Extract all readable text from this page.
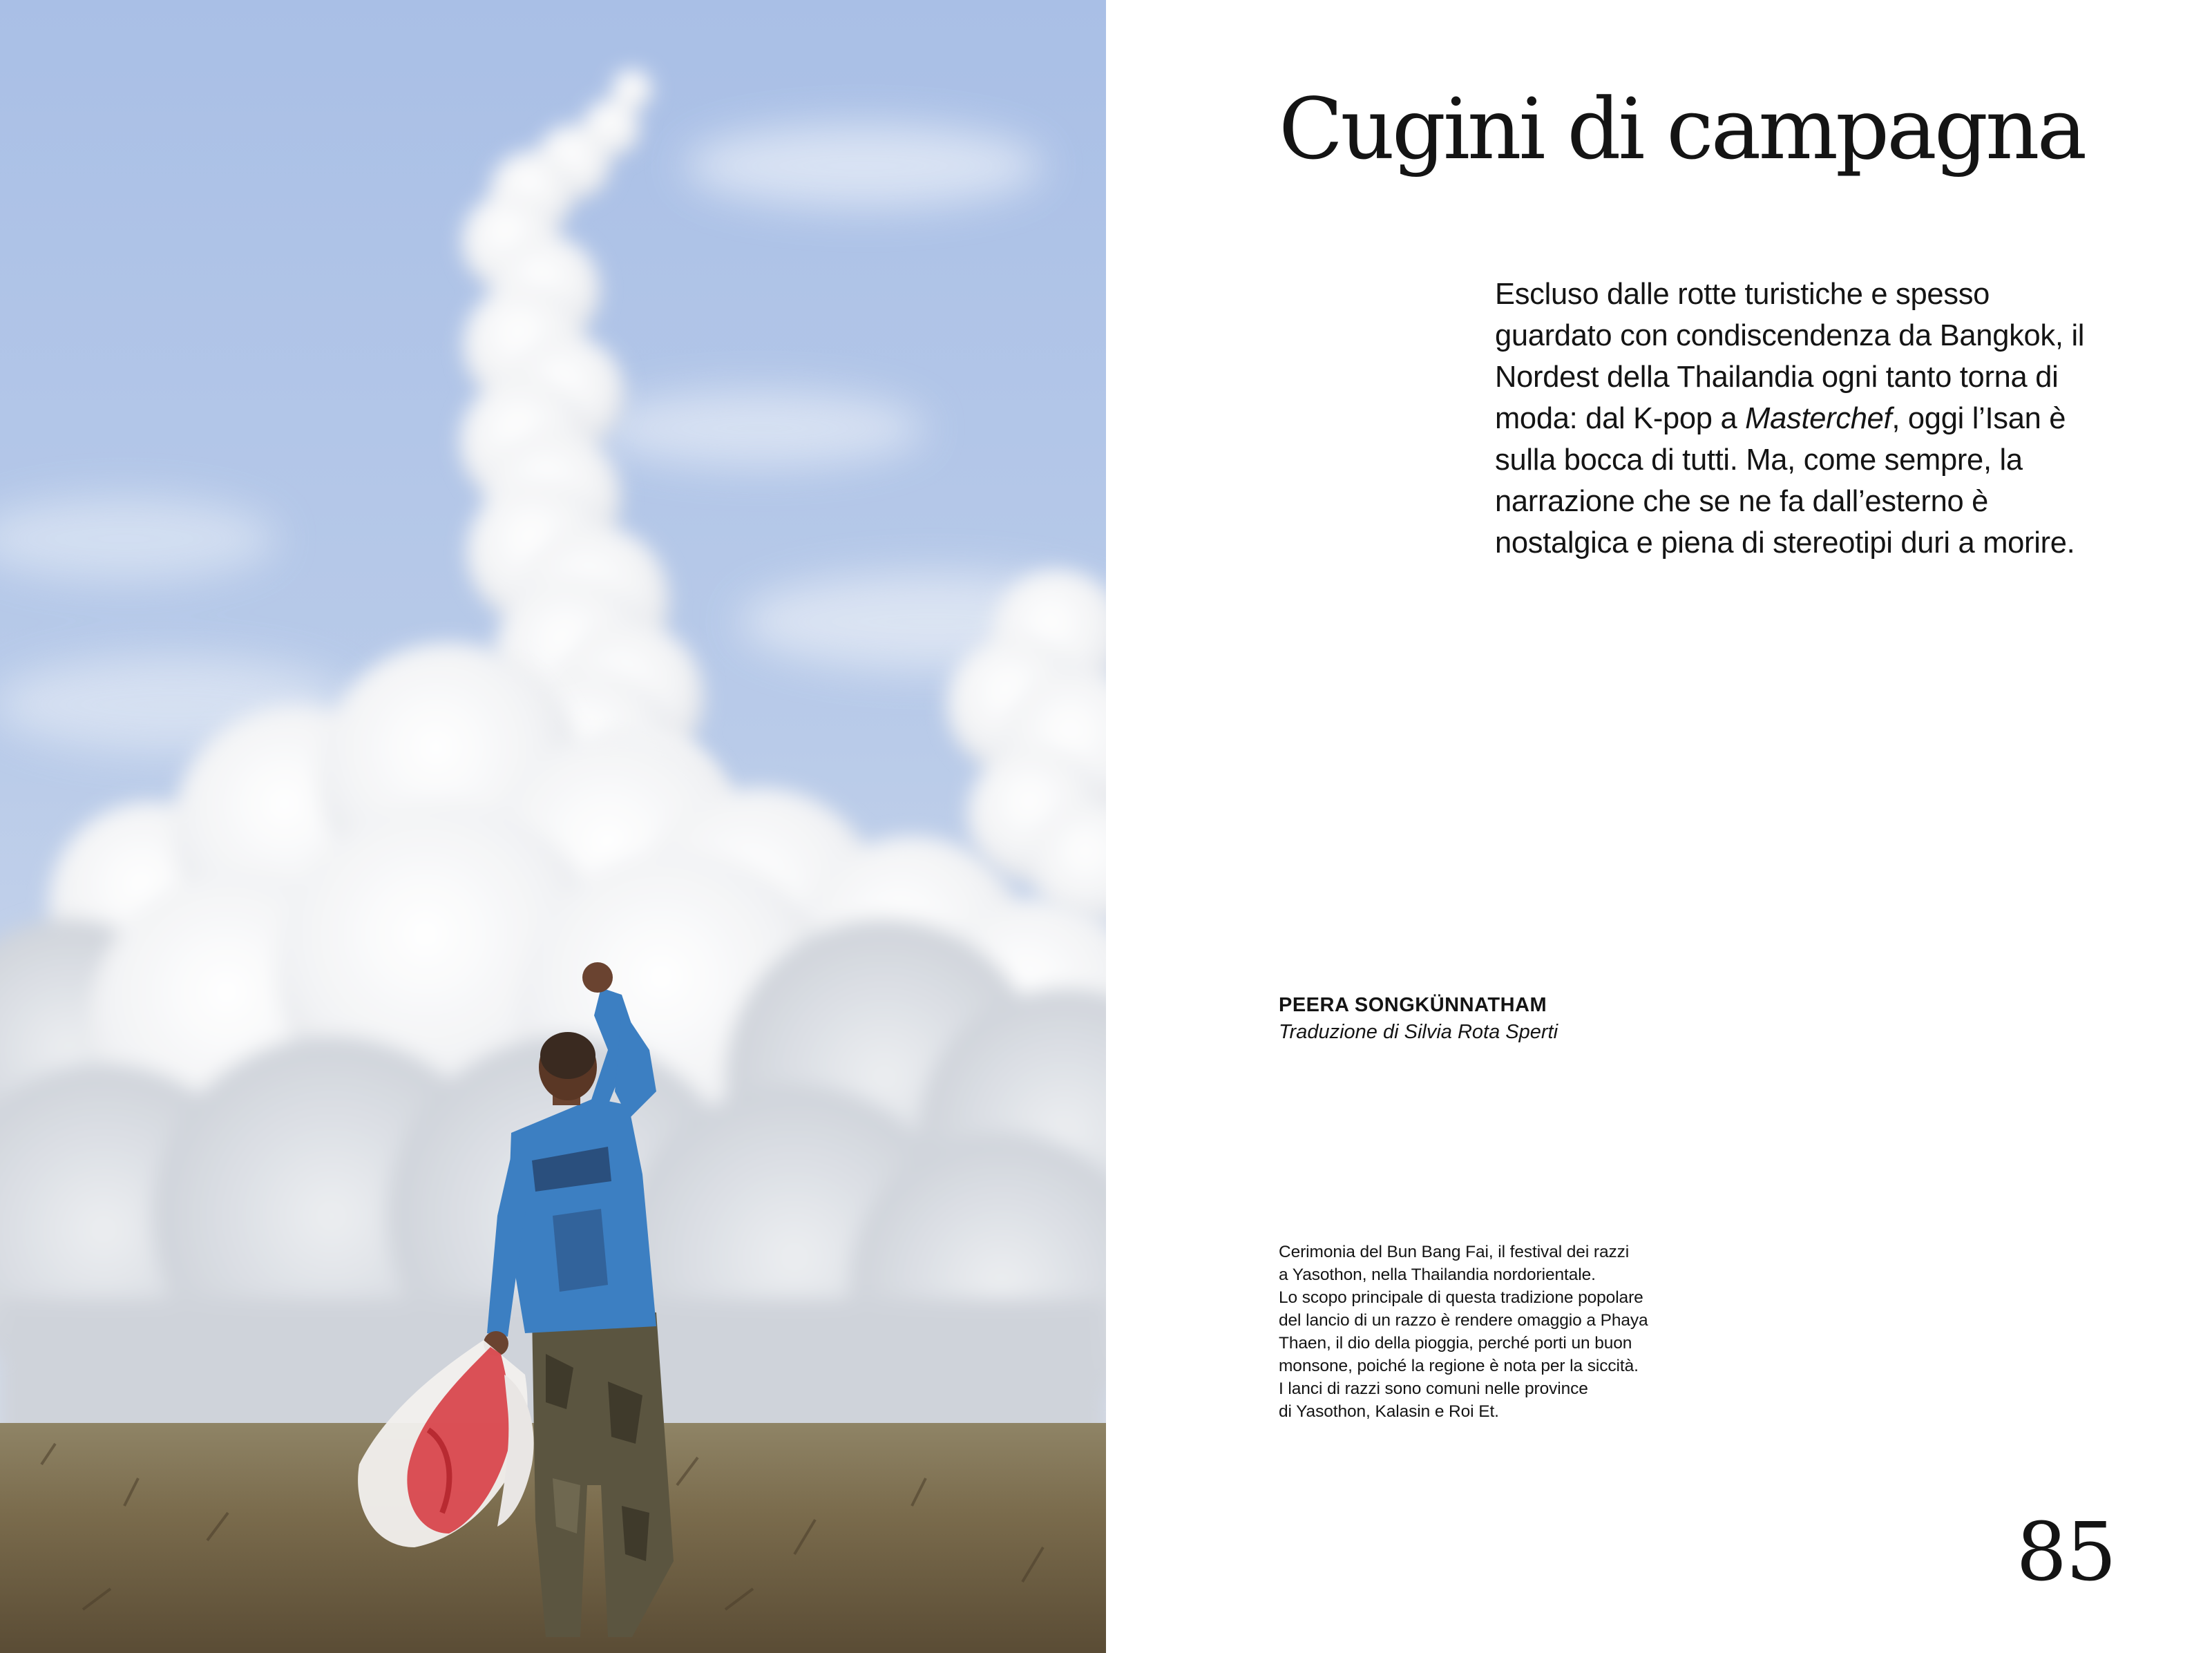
Cugini di campagna

Escluso dalle rotte turistiche e spesso guardato con condiscendenza da Bangkok, il Nordest della Thailandia ogni tanto torna di moda: dal K-pop a Masterchef, oggi l’Isan è sulla bocca di tutti. Ma, come sempre, la narrazione che se ne fa dall’esterno è nostalgica e piena di stereotipi duri a morire.

PEERA SONGKÜNNATHAM
Traduzione di Silvia Rota Sperti

Cerimonia del Bun Bang Fai, il festival dei razzi
a Yasothon, nella Thailandia nordorientale.
Lo scopo principale di questa tradizione popolare
del lancio di un razzo è rendere omaggio a Phaya
Thaen, il dio della pioggia, perché porti un buon
monsone, poiché la regione è nota per la siccità.
I lanci di razzi sono comuni nelle province
di Yasothon, Kalasin e Roi Et.

85
